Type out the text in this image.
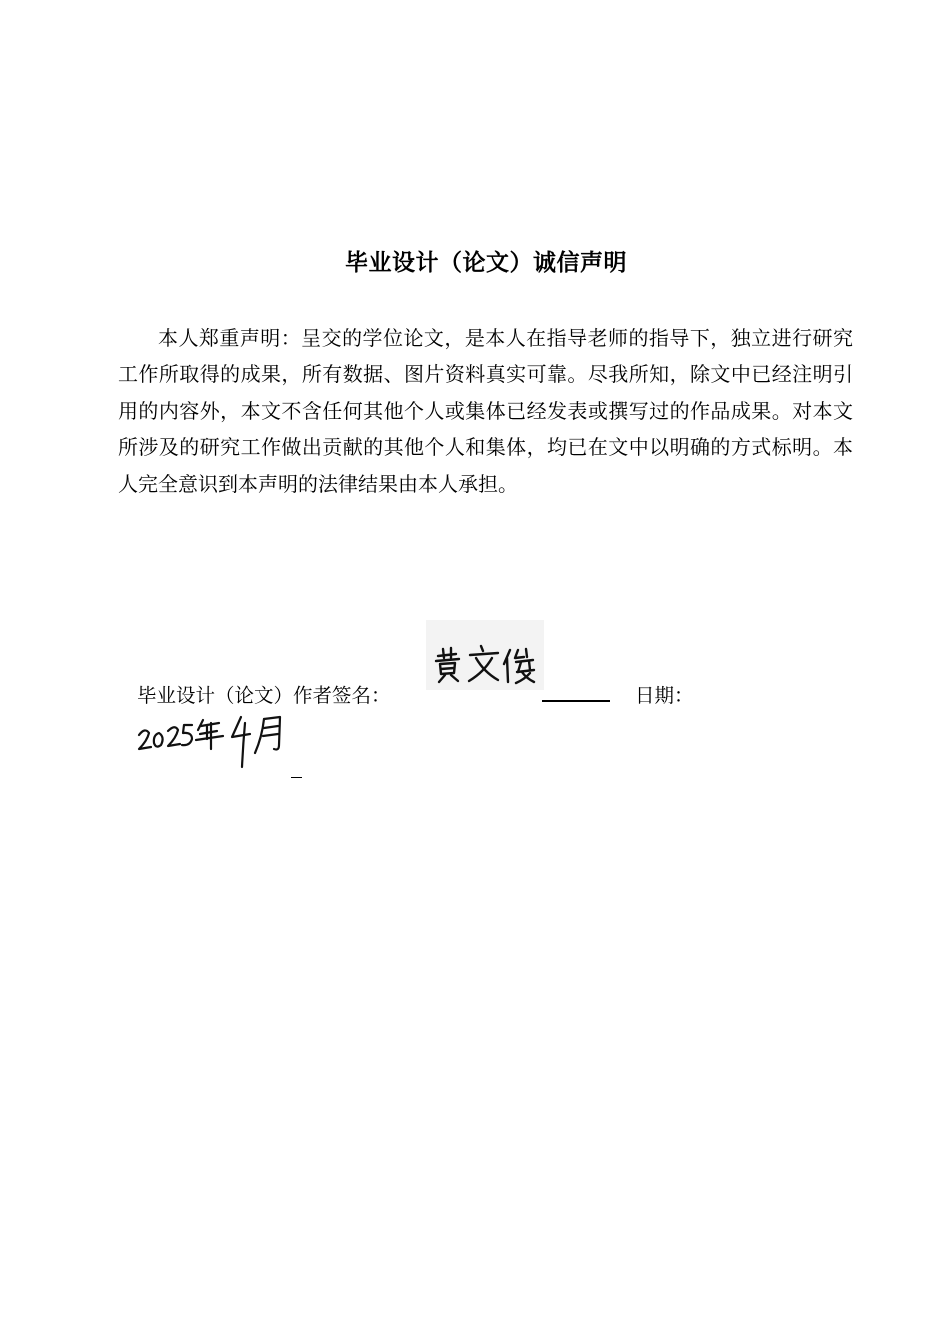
毕业设计（论文）诚信声明

本人郑重声明：呈交的学位论文，是本人在指导老师的指导下，独立进行研究工作所取得的成果，所有数据、图片资料真实可靠。尽我所知，除文中已经注明引用的内容外，本文不含任何其他个人或集体已经发表或撰写过的作品成果。对本文所涉及的研究工作做出贡献的其他个人和集体，均已在文中以明确的方式标明。本人完全意识到本声明的法律结果由本人承担。

毕业设计（论文）作者签名：	日期：
